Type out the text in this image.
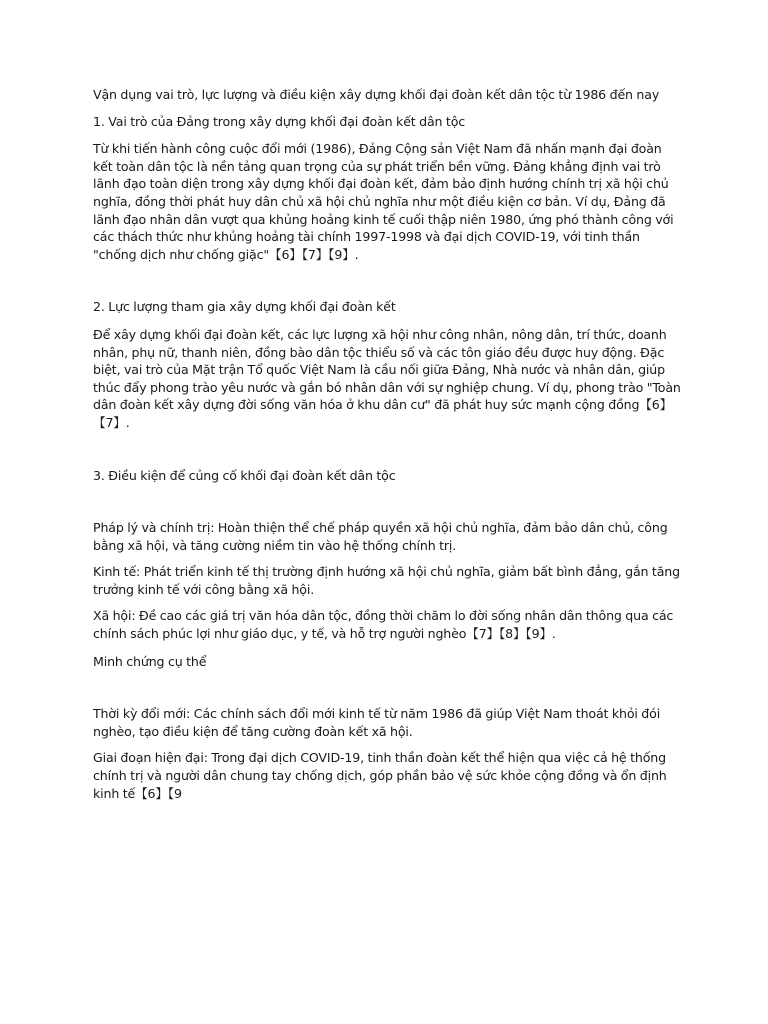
Vận dụng vai trò, lực lượng và điều kiện xây dựng khối đại đoàn kết dân tộc từ 1986 đến nay

1. Vai trò của Đảng trong xây dựng khối đại đoàn kết dân tộc

Từ khi tiến hành công cuộc đổi mới (1986), Đảng Cộng sản Việt Nam đã nhấn mạnh đại đoàn kết toàn dân tộc là nền tảng quan trọng của sự phát triển bền vững. Đảng khẳng định vai trò lãnh đạo toàn diện trong xây dựng khối đại đoàn kết, đảm bảo định hướng chính trị xã hội chủ nghĩa, đồng thời phát huy dân chủ xã hội chủ nghĩa như một điều kiện cơ bản. Ví dụ, Đảng đã lãnh đạo nhân dân vượt qua khủng hoảng kinh tế cuối thập niên 1980, ứng phó thành công với các thách thức như khủng hoảng tài chính 1997-1998 và đại dịch COVID-19, với tinh thần "chống dịch như chống giặc"【6】【7】【9】.

2. Lực lượng tham gia xây dựng khối đại đoàn kết

Để xây dựng khối đại đoàn kết, các lực lượng xã hội như công nhân, nông dân, trí thức, doanh nhân, phụ nữ, thanh niên, đồng bào dân tộc thiểu số và các tôn giáo đều được huy động. Đặc biệt, vai trò của Mặt trận Tổ quốc Việt Nam là cầu nối giữa Đảng, Nhà nước và nhân dân, giúp thúc đẩy phong trào yêu nước và gắn bó nhân dân với sự nghiệp chung. Ví dụ, phong trào "Toàn dân đoàn kết xây dựng đời sống văn hóa ở khu dân cư" đã phát huy sức mạnh cộng đồng【6】【7】.

3. Điều kiện để củng cố khối đại đoàn kết dân tộc

Pháp lý và chính trị: Hoàn thiện thể chế pháp quyền xã hội chủ nghĩa, đảm bảo dân chủ, công bằng xã hội, và tăng cường niềm tin vào hệ thống chính trị.

Kinh tế: Phát triển kinh tế thị trường định hướng xã hội chủ nghĩa, giảm bất bình đẳng, gắn tăng trưởng kinh tế với công bằng xã hội.

Xã hội: Đề cao các giá trị văn hóa dân tộc, đồng thời chăm lo đời sống nhân dân thông qua các chính sách phúc lợi như giáo dục, y tế, và hỗ trợ người nghèo【7】【8】【9】.

Minh chứng cụ thể

Thời kỳ đổi mới: Các chính sách đổi mới kinh tế từ năm 1986 đã giúp Việt Nam thoát khỏi đói nghèo, tạo điều kiện để tăng cường đoàn kết xã hội.

Giai đoạn hiện đại: Trong đại dịch COVID-19, tinh thần đoàn kết thể hiện qua việc cả hệ thống chính trị và người dân chung tay chống dịch, góp phần bảo vệ sức khỏe cộng đồng và ổn định kinh tế【6】【9
